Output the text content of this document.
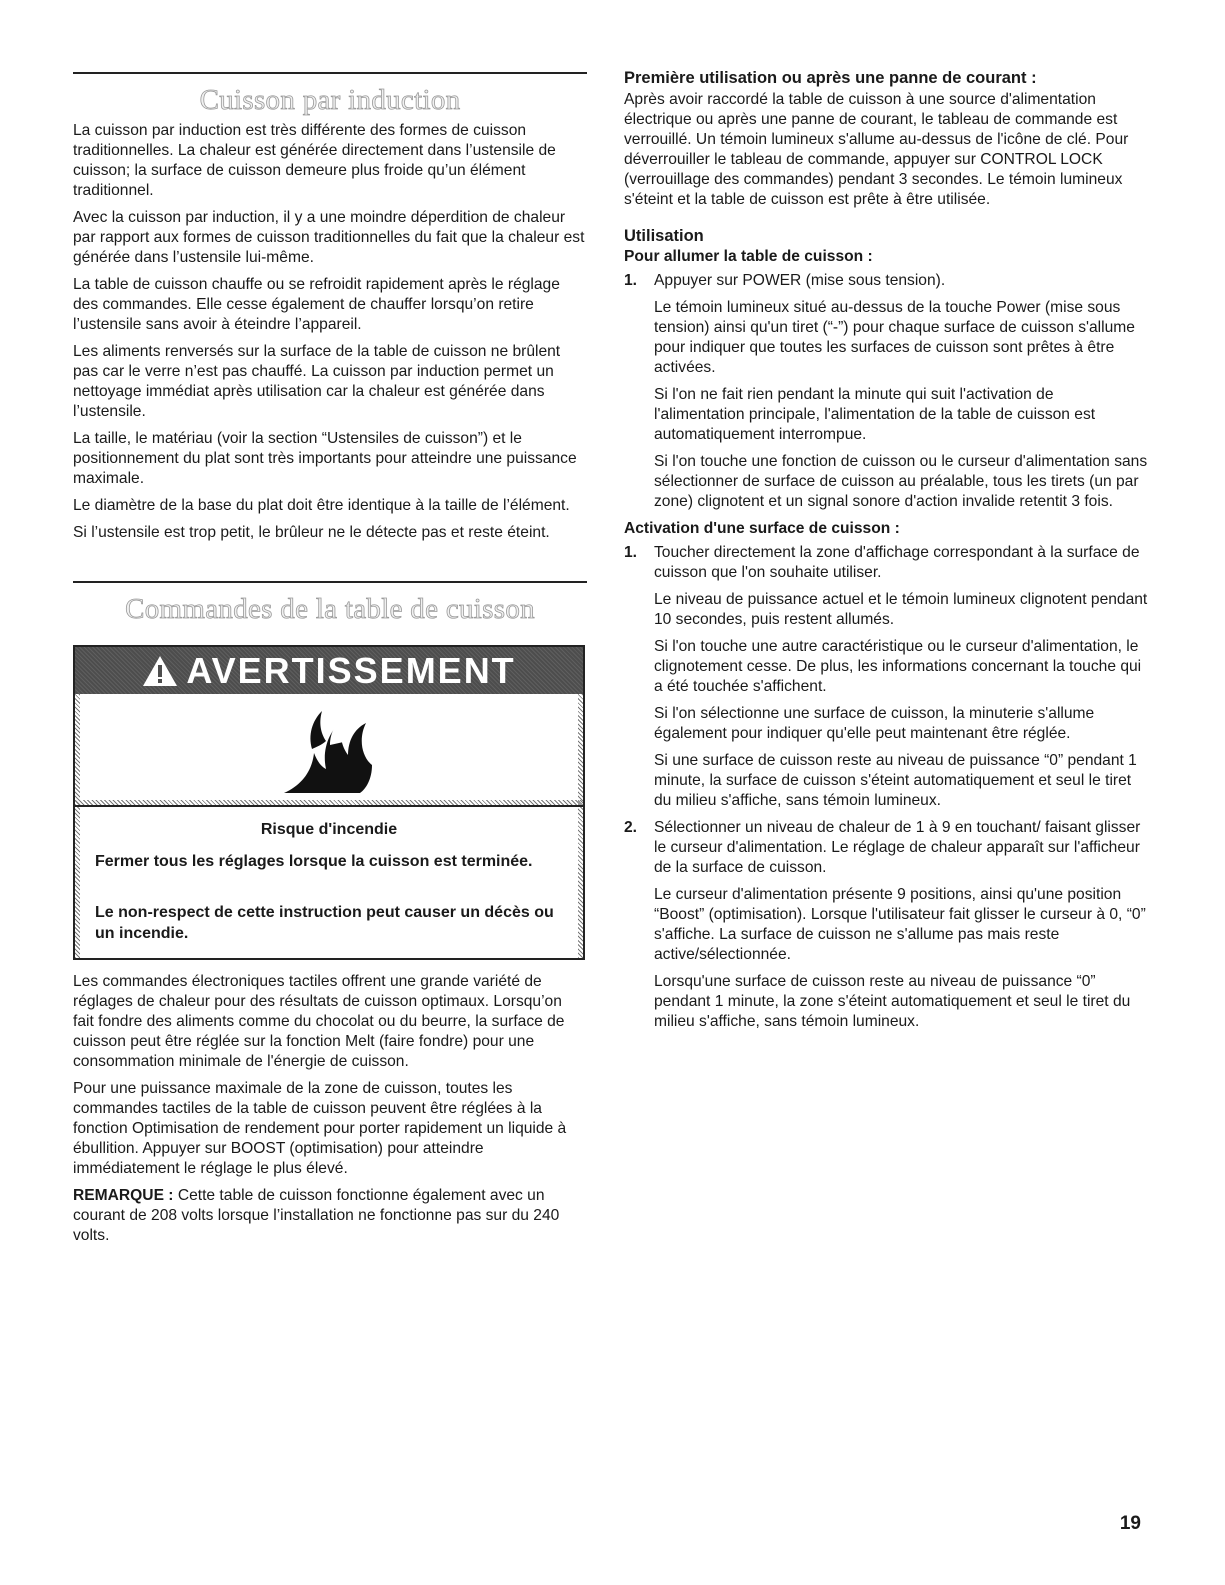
Cuisson par induction

La cuisson par induction est très différente des formes de cuisson traditionnelles. La chaleur est générée directement dans l’ustensile de cuisson; la surface de cuisson demeure plus froide qu’un élément traditionnel.

Avec la cuisson par induction, il y a une moindre déperdition de chaleur par rapport aux formes de cuisson traditionnelles du fait que la chaleur est générée dans l’ustensile lui-même.

La table de cuisson chauffe ou se refroidit rapidement après le réglage des commandes. Elle cesse également de chauffer lorsqu’on retire l’ustensile sans avoir à éteindre l’appareil.

Les aliments renversés sur la surface de la table de cuisson ne brûlent pas car le verre n’est pas chauffé. La cuisson par induction permet un nettoyage immédiat après utilisation car la chaleur est générée dans l’ustensile.

La taille, le matériau (voir la section “Ustensiles de cuisson”) et le positionnement du plat sont très importants pour atteindre une puissance maximale.

Le diamètre de la base du plat doit être identique à la taille de l’élément.

Si l’ustensile est trop petit, le brûleur ne le détecte pas et reste éteint.

Commandes de la table de cuisson
AVERTISSEMENT
Risque d'incendie
Fermer tous les réglages lorsque la cuisson est terminée.
Le non-respect de cette instruction peut causer un décès ou un incendie.

Les commandes électroniques tactiles offrent une grande variété de réglages de chaleur pour des résultats de cuisson optimaux. Lorsqu’on fait fondre des aliments comme du chocolat ou du beurre, la surface de cuisson peut être réglée sur la fonction Melt (faire fondre) pour une consommation minimale de l'énergie de cuisson.

Pour une puissance maximale de la zone de cuisson, toutes les commandes tactiles de la table de cuisson peuvent être réglées à la fonction Optimisation de rendement pour porter rapidement un liquide à ébullition. Appuyer sur BOOST (optimisation) pour atteindre immédiatement le réglage le plus élevé.

REMARQUE : Cette table de cuisson fonctionne également avec un courant de 208 volts lorsque l’installation ne fonctionne pas sur du 240 volts.

Première utilisation ou après une panne de courant :

Après avoir raccordé la table de cuisson à une source d'alimentation électrique ou après une panne de courant, le tableau de commande est verrouillé. Un témoin lumineux s'allume au-dessus de l'icône de clé. Pour déverrouiller le tableau de commande, appuyer sur CONTROL LOCK (verrouillage des commandes) pendant 3 secondes. Le témoin lumineux s'éteint et la table de cuisson est prête à être utilisée.

Utilisation
Pour allumer la table de cuisson :
1.	Appuyer sur POWER (mise sous tension).

Le témoin lumineux situé au-dessus de la touche Power (mise sous tension) ainsi qu'un tiret (“-”) pour chaque surface de cuisson s'allume pour indiquer que toutes les surfaces de cuisson sont prêtes à être activées.

Si l'on ne fait rien pendant la minute qui suit l'activation de l'alimentation principale, l'alimentation de la table de cuisson est automatiquement interrompue.

Si l'on touche une fonction de cuisson ou le curseur d'alimentation sans sélectionner de surface de cuisson au préalable, tous les tirets (un par zone) clignotent et un signal sonore d'action invalide retentit 3 fois.

Activation d'une surface de cuisson :
1.	Toucher directement la zone d'affichage correspondant à la surface de cuisson que l'on souhaite utiliser.

Le niveau de puissance actuel et le témoin lumineux clignotent pendant 10 secondes, puis restent allumés.

Si l'on touche une autre caractéristique ou le curseur d'alimentation, le clignotement cesse. De plus, les informations concernant la touche qui a été touchée s'affichent.

Si l'on sélectionne une surface de cuisson, la minuterie s'allume également pour indiquer qu'elle peut maintenant être réglée.

Si une surface de cuisson reste au niveau de puissance “0” pendant 1 minute, la surface de cuisson s'éteint automatiquement et seul le tiret du milieu s'affiche, sans témoin lumineux.

2.	Sélectionner un niveau de chaleur de 1 à 9 en touchant/ faisant glisser le curseur d'alimentation. Le réglage de chaleur apparaît sur l'afficheur de la surface de cuisson.

Le curseur d'alimentation présente 9 positions, ainsi qu'une position “Boost” (optimisation). Lorsque l'utilisateur fait glisser le curseur à 0, “0” s'affiche. La surface de cuisson ne s'allume pas mais reste active/sélectionnée.

Lorsqu'une surface de cuisson reste au niveau de puissance “0” pendant 1 minute, la zone s'éteint automatiquement et seul le tiret du milieu s'affiche, sans témoin lumineux.

19
